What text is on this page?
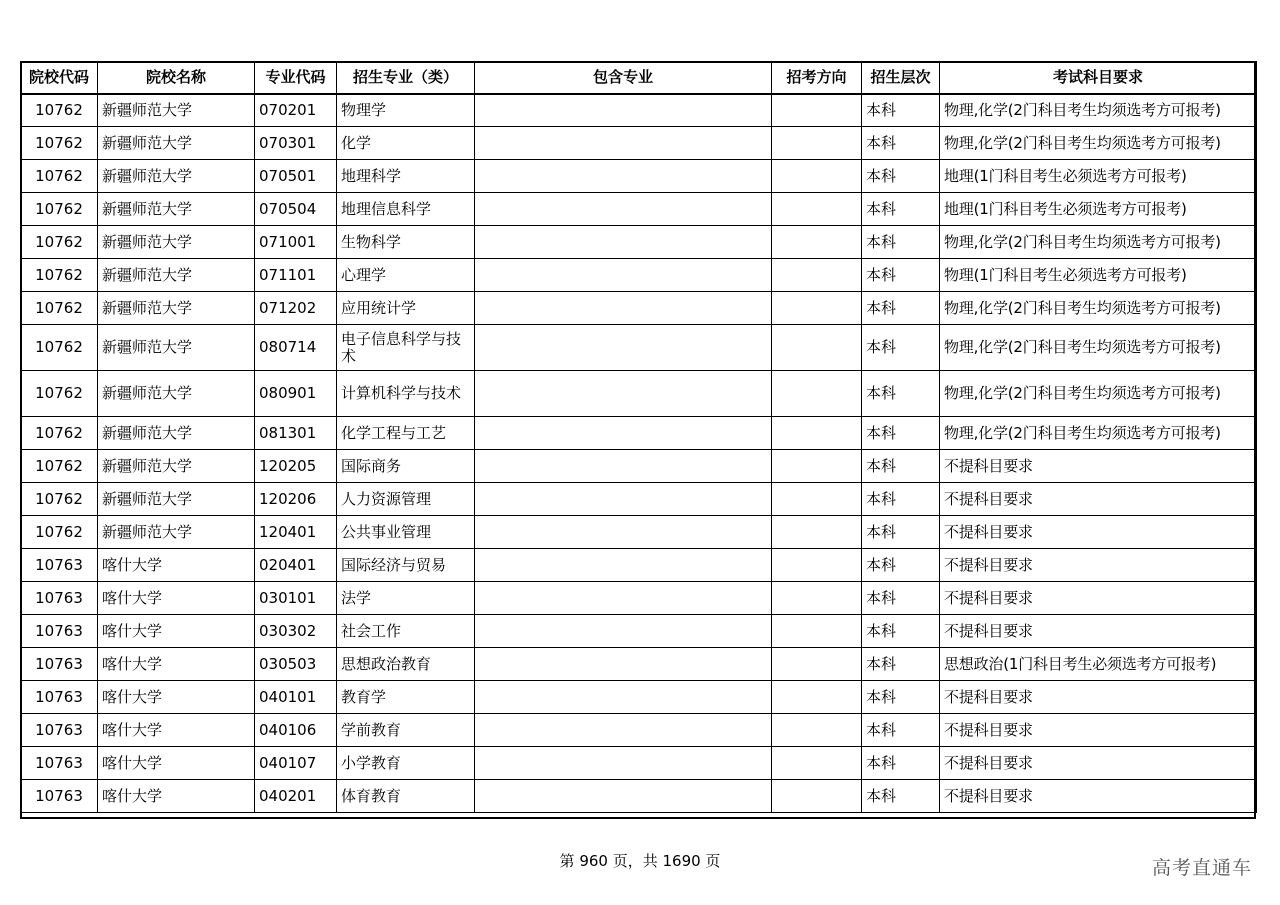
院校代码	院校名称	专业代码	招生专业（类）	包含专业	招考方向	招生层次	考试科目要求
10762	新疆师范大学	070201	物理学			本科	物理,化学(2门科目考生均须选考方可报考)
10762	新疆师范大学	070301	化学			本科	物理,化学(2门科目考生均须选考方可报考)
10762	新疆师范大学	070501	地理科学			本科	地理(1门科目考生必须选考方可报考)
10762	新疆师范大学	070504	地理信息科学			本科	地理(1门科目考生必须选考方可报考)
10762	新疆师范大学	071001	生物科学			本科	物理,化学(2门科目考生均须选考方可报考)
10762	新疆师范大学	071101	心理学			本科	物理(1门科目考生必须选考方可报考)
10762	新疆师范大学	071202	应用统计学			本科	物理,化学(2门科目考生均须选考方可报考)
10762	新疆师范大学	080714	电子信息科学与技术			本科	物理,化学(2门科目考生均须选考方可报考)
10762	新疆师范大学	080901	计算机科学与技术			本科	物理,化学(2门科目考生均须选考方可报考)
10762	新疆师范大学	081301	化学工程与工艺			本科	物理,化学(2门科目考生均须选考方可报考)
10762	新疆师范大学	120205	国际商务			本科	不提科目要求
10762	新疆师范大学	120206	人力资源管理			本科	不提科目要求
10762	新疆师范大学	120401	公共事业管理			本科	不提科目要求
10763	喀什大学	020401	国际经济与贸易			本科	不提科目要求
10763	喀什大学	030101	法学			本科	不提科目要求
10763	喀什大学	030302	社会工作			本科	不提科目要求
10763	喀什大学	030503	思想政治教育			本科	思想政治(1门科目考生必须选考方可报考)
10763	喀什大学	040101	教育学			本科	不提科目要求
10763	喀什大学	040106	学前教育			本科	不提科目要求
10763	喀什大学	040107	小学教育			本科	不提科目要求
10763	喀什大学	040201	体育教育			本科	不提科目要求
第 960 页，共 1690 页	高考直通车
